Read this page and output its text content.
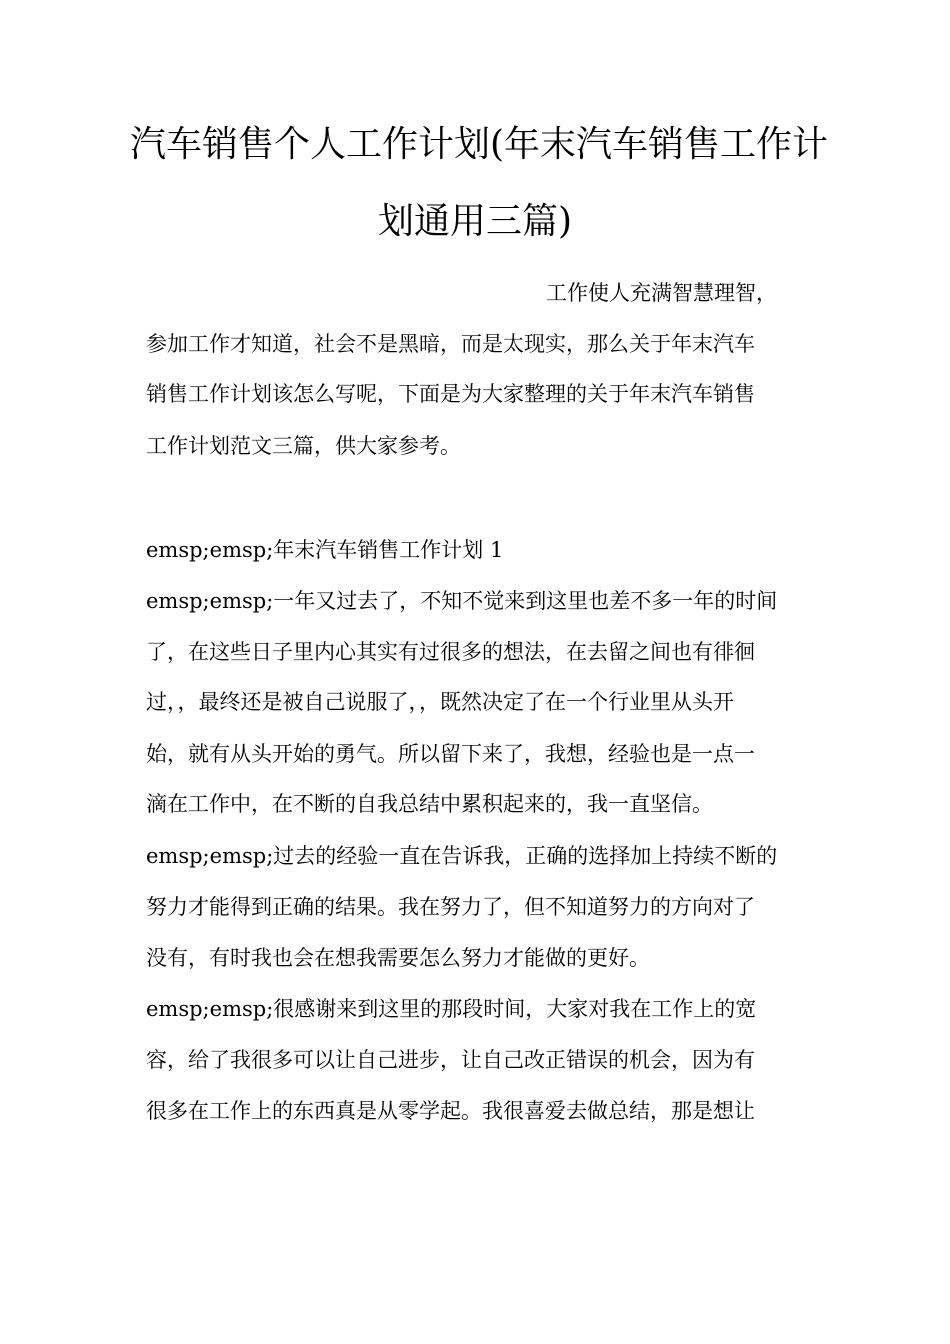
汽车销售个人工作计划(年末汽车销售工作计
划通用三篇)
工作使人充满智慧理智，
参加工作才知道，社会不是黑暗，而是太现实，那么关于年末汽车
销售工作计划该怎么写呢，下面是为大家整理的关于年末汽车销售
工作计划范文三篇，供大家参考。
emsp;emsp;年末汽车销售工作计划 1
emsp;emsp;一年又过去了，不知不觉来到这里也差不多一年的时间
了，在这些日子里内心其实有过很多的想法，在去留之间也有徘徊
过，，最终还是被自己说服了，，既然决定了在一个行业里从头开
始，就有从头开始的勇气。所以留下来了，我想，经验也是一点一
滴在工作中，在不断的自我总结中累积起来的，我一直坚信。
emsp;emsp;过去的经验一直在告诉我，正确的选择加上持续不断的
努力才能得到正确的结果。我在努力了，但不知道努力的方向对了
没有，有时我也会在想我需要怎么努力才能做的更好。
emsp;emsp;很感谢来到这里的那段时间，大家对我在工作上的宽
容，给了我很多可以让自己进步，让自己改正错误的机会，因为有
很多在工作上的东西真是从零学起。我很喜爱去做总结，那是想让
